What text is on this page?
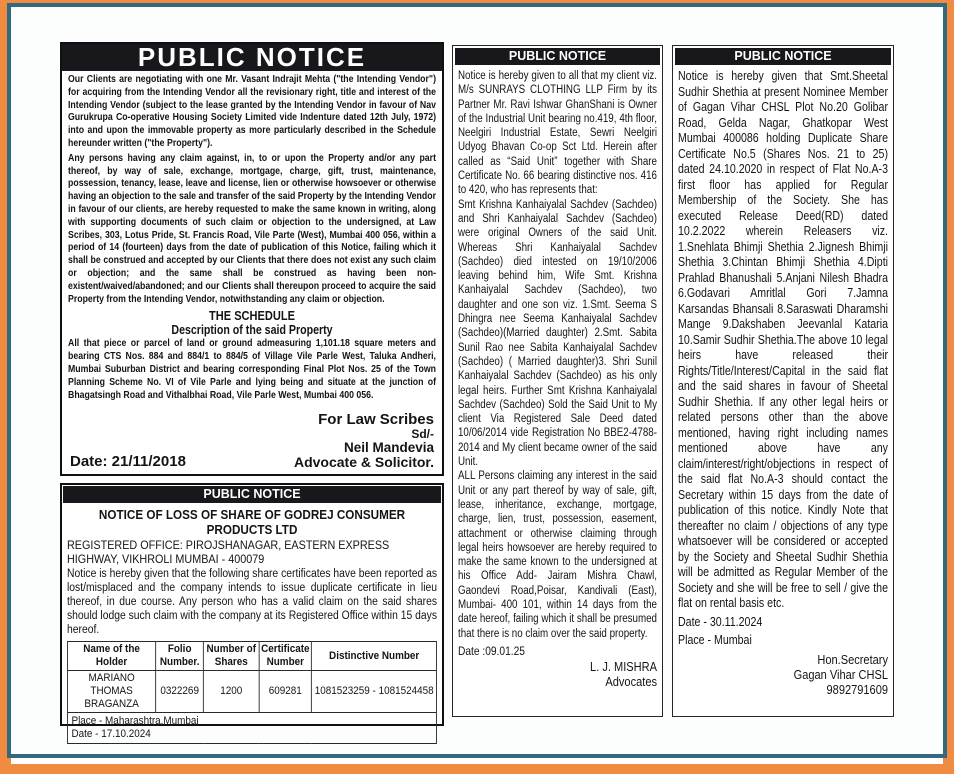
PUBLIC NOTICE

Our Clients are negotiating with one Mr. Vasant Indrajit Mehta ("the Intending Vendor") for acquiring from the Intending Vendor all the revisionary right, title and interest of the Intending Vendor (subject to the lease granted by the Intending Vendor in favour of Nav Gurukrupa Co-operative Housing Society Limited vide Indenture dated 12th July, 1972) into and upon the immovable property as more particularly described in the Schedule hereunder written ("the Property").

Any persons having any claim against, in, to or upon the Property and/or any part thereof, by way of sale, exchange, mortgage, charge, gift, trust, maintenance, possession, tenancy, lease, leave and license, lien or otherwise howsoever or otherwise having an objection to the sale and transfer of the said Property by the Intending Vendor in favour of our clients, are hereby requested to make the same known in writing, along with supporting documents of such claim or objection to the undersigned, at Law Scribes, 303, Lotus Pride, St. Francis Road, Vile Parte (West), Mumbai 400 056, within a period of 14 (fourteen) days from the date of publication of this Notice, failing which it shall be construed and accepted by our Clients that there does not exist any such claim or objection; and the same shall be construed as having been non-existent/waived/abandoned; and our Clients shall thereupon proceed to acquire the said Property from the Intending Vendor, notwithstanding any claim or objection.

THE SCHEDULE
Description of the said Property

All that piece or parcel of land or ground admeasuring 1,101.18 square meters and bearing CTS Nos. 884 and 884/1 to 884/5 of Village Vile Parle West, Taluka Andheri, Mumbai Suburban District and bearing corresponding Final Plot Nos. 25 of the Town Planning Scheme No. VI of Vile Parle and lying being and situate at the junction of Bhagatsingh Road and Vithalbhai Road, Vile Parle West, Mumbai 400 056.

Date: 21/11/2018
For Law Scribes
Sd/-
Neil Mandevia
Advocate & Solicitor.
PUBLIC NOTICE
NOTICE OF LOSS OF SHARE OF GODREJ CONSUMER PRODUCTS LTD
REGISTERED OFFICE: PIROJSHANAGAR, EASTERN EXPRESS HIGHWAY, VIKHROLI MUMBAI - 400079
Notice is hereby given that the following share certificates have been reported as lost/misplaced and the company intends to issue duplicate certificate in lieu thereof, in due course. Any person who has a valid claim on the said shares should lodge such claim with the company at its Registered Office within 15 days hereof.
Name of the Holder	Folio Number.	Number of Shares	Certificate Number	Distinctive Number
MARIANO THOMAS BRAGANZA	0322269	1200	609281	1081523259 - 1081524458

Place - Maharashtra,Mumbai
Date - 17.10.2024				
PUBLIC NOTICE

Notice is hereby given to all that my client viz. M/s SUNRAYS CLOTHING LLP Firm by its Partner Mr. Ravi Ishwar GhanShani is Owner of the Industrial Unit bearing no.419, 4th floor, Neelgiri Industrial Estate, Sewri Neelgiri Udyog Bhavan Co-op Sct Ltd. Herein after called as “Said Unit” together with Share Certificate No. 66 bearing distinctive nos. 416 to 420, who has represents that:

Smt Krishna Kanhaiyalal Sachdev (Sachdeo) and Shri Kanhaiyalal Sachdev (Sachdeo) were original Owners of the said Unit. Whereas Shri Kanhaiyalal Sachdev (Sachdeo) died intested on 19/10/2006 leaving behind him, Wife Smt. Krishna Kanhaiyalal Sachdev (Sachdeo), two daughter and one son viz. 1.Smt. Seema S Dhingra nee Seema Kanhaiyalal Sachdev (Sachdeo)(Married daughter) 2.Smt. Sabita Sunil Rao nee Sabita Kanhaiyalal Sachdev (Sachdeo) ( Married daughter)3. Shri Sunil Kanhaiyalal Sachdev (Sachdeo) as his only legal heirs. Further Smt Krishna Kanhaiyalal Sachdev (Sachdeo) Sold the Said Unit to My client Via Registered Sale Deed dated 10/06/2014 vide Registration No BBE2-4788-2014 and My client became owner of the said Unit.

ALL Persons claiming any interest in the said Unit or any part thereof by way of sale, gift, lease, inheritance, exchange, mortgage, charge, lien, trust, possession, easement, attachment or otherwise claiming through legal heirs howsoever are hereby required to make the same known to the undersigned at his Office Add- Jairam Mishra Chawl, Gaondevi Road,Poisar, Kandivali (East), Mumbai- 400 101, within 14 days from the date hereof, failing which it shall be presumed that there is no claim over the said property.

Date :09.01.25
L. J. MISHRA
Advocates
PUBLIC NOTICE

Notice is hereby given that Smt.Sheetal Sudhir Shethia at present Nominee Member of Gagan Vihar CHSL Plot No.20 Golibar Road, Gelda Nagar, Ghatkopar West Mumbai 400086 holding Duplicate Share Certificate No.5 (Shares Nos. 21 to 25) dated 24.10.2020 in respect of Flat No.A-3 first floor has applied for Regular Membership of the Society. She has executed Release Deed(RD) dated 10.2.2022 wherein Releasers viz. 1.Snehlata Bhimji Shethia 2.Jignesh Bhimji Shethia 3.Chintan Bhimji Shethia 4.Dipti Prahlad Bhanushali 5.Anjani Nilesh Bhadra 6.Godavari Amritlal Gori 7.Jamna Karsandas Bhansali 8.Saraswati Dharamshi Mange 9.Dakshaben Jeevanlal Kataria 10.Samir Sudhir Shethia.The above 10 legal heirs have released their Rights/Title/Interest/Capital in the said flat and the said shares in favour of Sheetal Sudhir Shethia. If any other legal heirs or related persons other than the above mentioned, having right including names mentioned above have any claim/interest/right/objections in respect of the said flat No.A-3 should contact the Secretary within 15 days from the date of publication of this notice. Kindly Note that thereafter no claim / objections of any type whatsoever will be considered or accepted by the Society and Sheetal Sudhir Shethia will be admitted as Regular Member of the Society and she will be free to sell / give the flat on rental basis etc.

Date - 30.11.2024
Place - Mumbai
Hon.Secretary
Gagan Vihar CHSL
9892791609
